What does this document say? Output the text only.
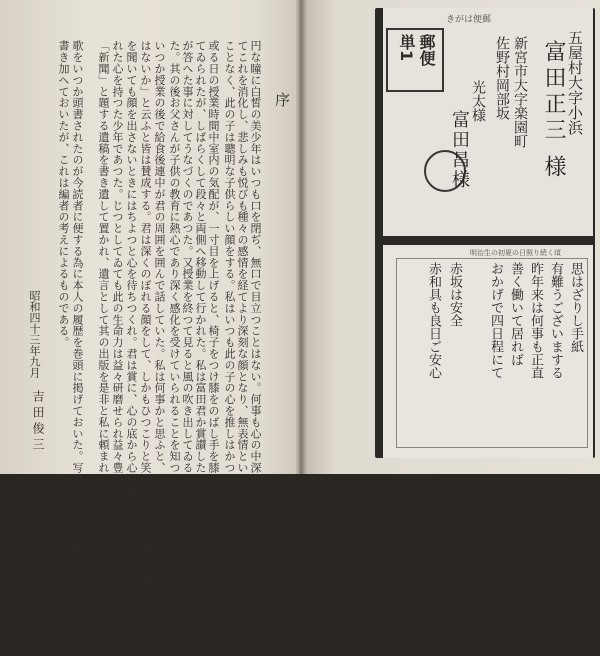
序
円な瞳に白皙の美少年はいつも口を閉ぢ、無口で目立つことはない。何事も心の中深く貯へ
てこれを消化し、悲しみも悦びも種々の感情を経てより深刻な顔となり、無表情といふ
ことなく、此の子は聰明な子供らしい顔をする。私はいつも此の子の心を推しはかつて見守るばかりであつた。
或る日の授業時間中室内の気配が、一寸目を上げると、椅子をつけ膝をのばし手を膝上に掛
てゐられたが、しばらくして段々と両側へ移動して行かれた。私は富田君か賞讃したと思う。君
が答へた事に対してうなづくのであつた。又授業を終つて見ると風の吹き出してゐる。
た。其の後お父さんが子供の教育に熱心であり深く感化を受けていられることを知つた。
いつか授業の後で給食後連中が君の周囲を囲んで話していた。私は何事かと思ふと、「富田君が愚いんで
はないか」と云ふと皆は賛成する。君は深くのぼれる顔をして、しかもひつこりと笑つてくれる。君が何事もさうと、何
を聞いても顔を出さないときにはちよつと心を待ちつくれ。君は賞に、心の底から心の優しさ、強さ、
れた心を持つた少年であつた。じつとしてゐても此の生命力は益々研磨せられ益々豊かな人と言ふべき
「新聞」と題する遺稿を書き遺して置かれ、遺言として其の出版を是非と私に頼まれた。
歌をいつか頭書されたのが今読者に便する為に本人の履歴を巻頭に掲げておいた。写真と手紙及び遺書も
書き加へておいたが、これは編者の考えによるものである。
昭和四十三年九月
吉田俊三
きがは便郵
郵便 単1	五屋村大字小浜
富田正三 様
新宮市大字楽園町
佐野村岡部坂
光太様
富田昌様
明治生の初夏の日照り続く頃
思はざりし手紙
有難うございまする
昨年来は何事も正直
善く働いて居れば
おかげで四日程にて
赤坂は安全
赤和具も良日ご安心
